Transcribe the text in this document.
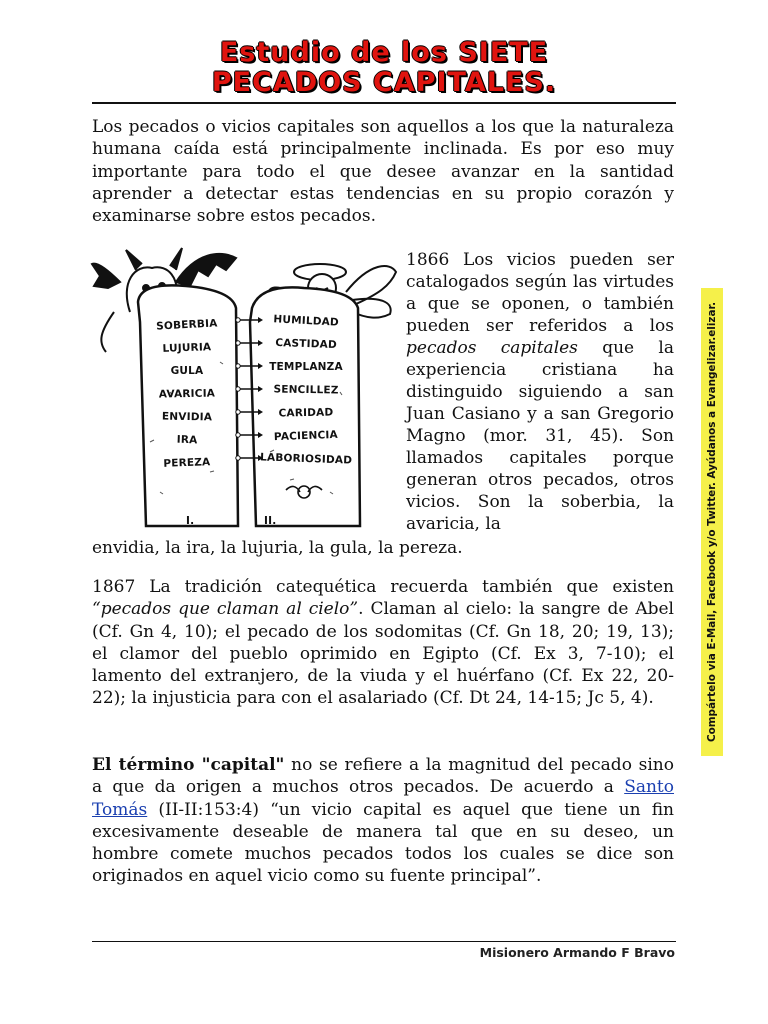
Estudio de los SIETE
PECADOS CAPITALES.

Los pecados o vicios capitales son aquellos a los que la naturaleza humana caída está principalmente inclinada. Es por eso muy importante para todo el que desee avanzar en la santidad aprender a detectar estas tendencias en su propio corazón y examinarse sobre estos pecados.

SOBERBIA
LUJURIA
GULA
AVARICIA
ENVIDIA
IRA
PEREZA
HUMILDAD
CASTIDAD
TEMPLANZA
SENCILLEZ
CARIDAD
PACIENCIA
LABORIOSIDAD
I.	II.

1866 Los vicios pueden ser catalogados según las virtudes a que se oponen, o también pueden ser referidos a los pecados capitales que la experiencia cristiana ha distinguido siguiendo a san Juan Casiano y a san Gregorio Magno (mor. 31, 45). Son llamados capitales porque generan otros pecados, otros vicios. Son la soberbia, la avaricia, la

envidia, la ira, la lujuria, la gula, la pereza.

1867 La tradición catequética recuerda también que existen “pecados que claman al cielo”. Claman al cielo: la sangre de Abel (Cf. Gn 4, 10); el pecado de los sodomitas (Cf. Gn 18, 20; 19, 13); el clamor del pueblo oprimido en Egipto (Cf. Ex 3, 7-10); el lamento del extranjero, de la viuda y el huérfano (Cf. Ex 22, 20-22); la injusticia para con el asalariado (Cf. Dt 24, 14-15; Jc 5, 4).

El término "capital" no se refiere a la magnitud del pecado sino a que da origen a muchos otros pecados. De acuerdo a Santo Tomás (II-II:153:4) “un vicio capital es aquel que tiene un fin excesivamente deseable de manera tal que en su deseo, un hombre comete muchos pecados todos los cuales se dice son originados en aquel vicio como su fuente principal”.

Compártelo via E-Mail, Facebook y/o Twitter. Ayúdanos a Evangelizar.elizar.
Misionero Armando F Bravo
